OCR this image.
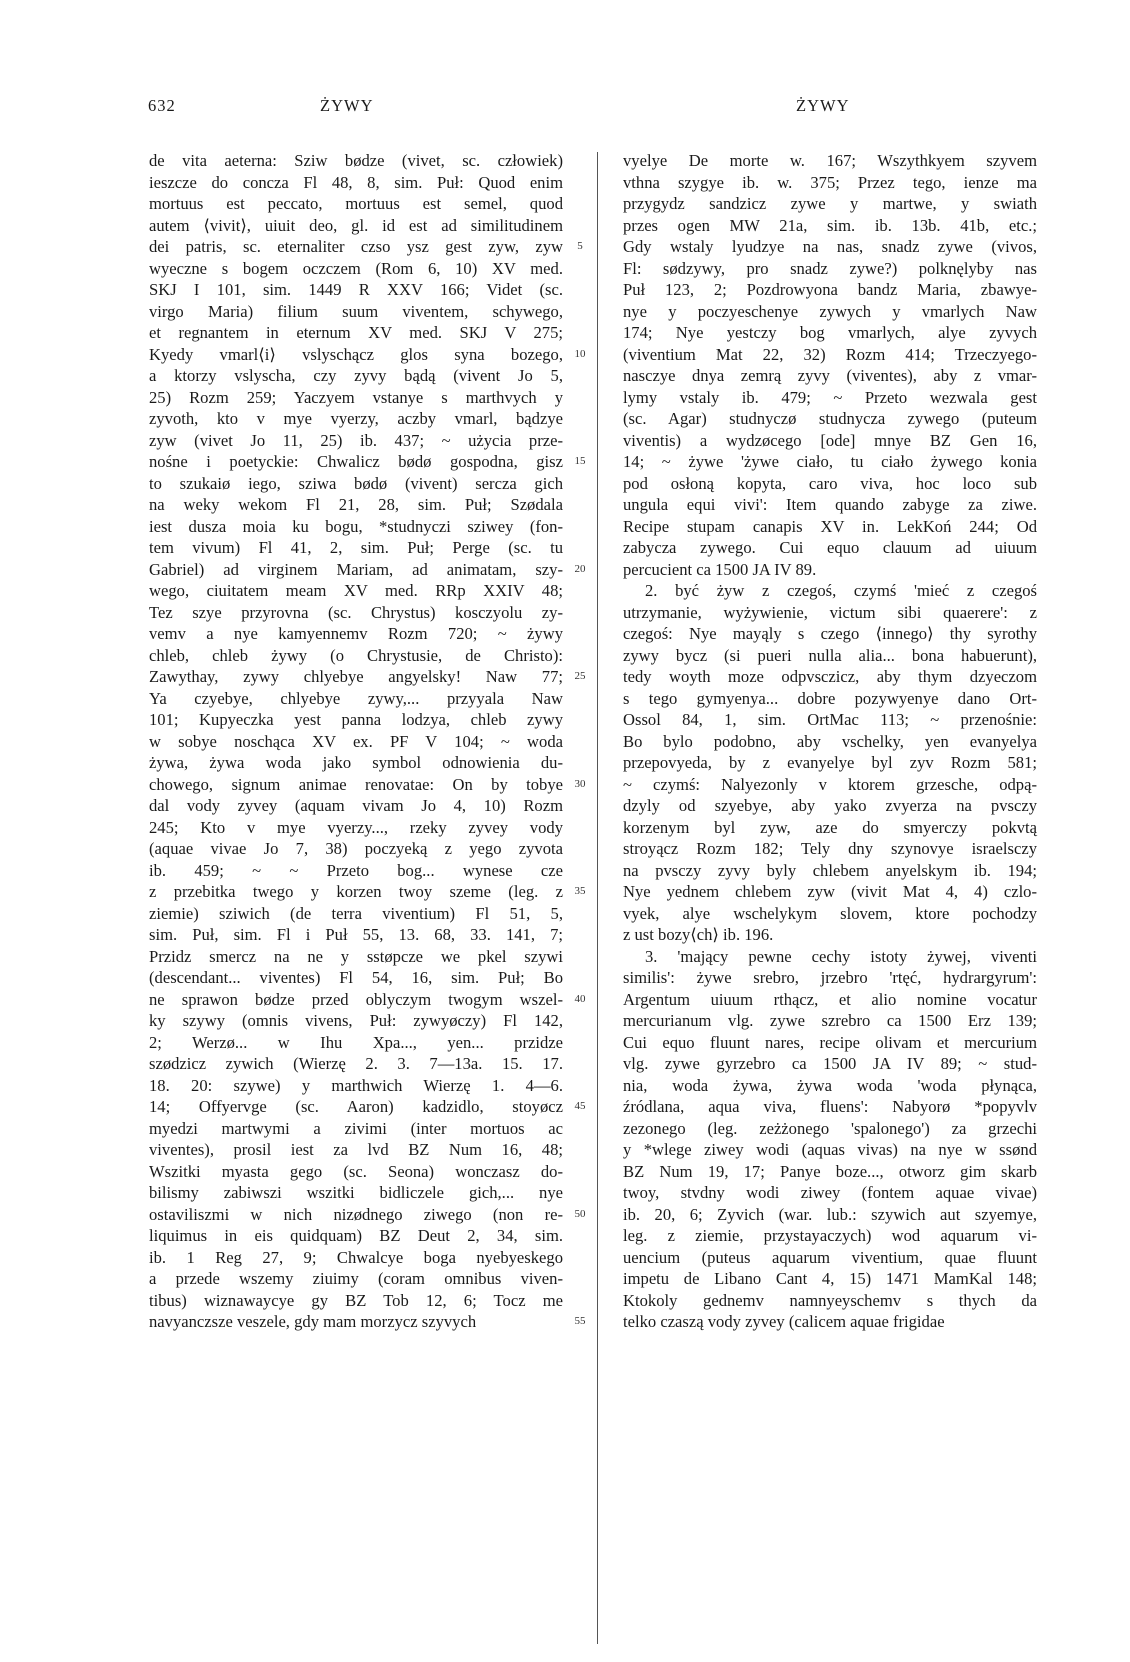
632	ŻYWY	ŻYWY
de vita aeterna: Sziw bødze (vivet, sc. człowiek)
ieszcze do concza Fl 48, 8, sim. Puł: Quod enim
mortuus est peccato, mortuus est semel, quod
autem ⟨vivit⟩, uiuit deo, gl. id est ad similitudinem
dei patris, sc. eternaliter czso ysz gest zyw, zyw
wyeczne s bogem oczczem (Rom 6, 10) XV med.
SKJ I 101, sim. 1449 R XXV 166; Videt (sc.
virgo Maria) filium suum viventem, schywego,
et regnantem in eternum XV med. SKJ V 275;
Kyedy vmarl⟨i⟩ vslyschącz glos syna bozego,
a ktorzy vslyscha, czy zyvy bądą (vivent Jo 5,
25) Rozm 259; Yaczyem vstanye s marthvych y
zyvoth, kto v mye vyerzy, aczby vmarl, bądzye
zyw (vivet Jo 11, 25) ib. 437; ~ użycia prze-
nośne i poetyckie: Chwalicz bødø gospodna, gisz
to szukaiø iego, sziwa bødø (vivent) sercza gich
na weky wekom Fl 21, 28, sim. Puł; Szødala
iest dusza moia ku bogu, *studnyczi sziwey (fon-
tem vivum) Fl 41, 2, sim. Puł; Perge (sc. tu
Gabriel) ad virginem Mariam, ad animatam, szy-
wego, ciuitatem meam XV med. RRp XXIV 48;
Tez szye przyrovna (sc. Chrystus) kosczyolu zy-
vemv a nye kamyennemv Rozm 720; ~ żywy
chleb, chleb żywy (o Chrystusie, de Christo):
Zawythay, zywy chlyebye angyelsky! Naw 77;
Ya czyebye, chlyebye zywy,... przyyala Naw
101; Kupyeczka yest panna lodzya, chleb zywy
w sobye noschąca XV ex. PF V 104; ~ woda
żywa, żywa woda jako symbol odnowienia du-
chowego, signum animae renovatae: On by tobye
dal vody zyvey (aquam vivam Jo 4, 10) Rozm
245; Kto v mye vyerzy..., rzeky zyvey vody
(aquae vivae Jo 7, 38) poczyeką z yego zyvota
ib. 459; ~ ~ Przeto bog... wynese cze
z przebitka twego y korzen twoy szeme (leg. z
ziemie) sziwich (de terra viventium) Fl 51, 5,
sim. Puł, sim. Fl i Puł 55, 13. 68, 33. 141, 7;
Przidz smercz na ne y sstøpcze we pkel szywi
(descendant... viventes) Fl 54, 16, sim. Puł; Bo
ne sprawon bødze przed oblyczym twogym wszel-
ky szywy (omnis vivens, Puł: zywyøczy) Fl 142,
2; Werzø... w Ihu Xpa..., yen... przidze
szødzicz zywich (Wierzę 2. 3. 7—13a. 15. 17.
18. 20: szywe) y marthwich Wierzę 1. 4—6.
14; Offyervge (sc. Aaron) kadzidlo, stoyøcz
myedzi martwymi a zivimi (inter mortuos ac
viventes), prosil iest za lvd BZ Num 16, 48;
Wszitki myasta gego (sc. Seona) wonczasz do-
bilismy zabiwszi wszitki bidliczele gich,... nye
ostaviliszmi w nich nizødnego ziwego (non re-
liquimus in eis quidquam) BZ Deut 2, 34, sim.
ib. 1 Reg 27, 9; Chwalcye boga nyebyeskego
a przede wszemy ziuimy (coram omnibus viven-
tibus) wiznawaycye gy BZ Tob 12, 6; Tocz me
navyanczsze veszele, gdy mam morzycz szyvych
5
10
15
20
25
30
35
40
45
50
55
vyelye De morte w. 167; Wszythkyem szyvem
vthna szygye ib. w. 375; Przez tego, ienze ma
przygydz sandzicz zywe y martwe, y swiath
przes ogen MW 21a, sim. ib. 13b. 41b, etc.;
Gdy wstaly lyudzye na nas, snadz zywe (vivos,
Fl: sødzywy, pro snadz zywe?) polknęlyby nas
Puł 123, 2; Pozdrowyona bandz Maria, zbawye-
nye y poczyeschenye zywych y vmarlych Naw
174; Nye yestczy bog vmarlych, alye zyvych
(viventium Mat 22, 32) Rozm 414; Trzeczyego-
nasczye dnya zemrą zyvy (viventes), aby z vmar-
lymy vstaly ib. 479; ~ Przeto wezwala gest
(sc. Agar) studnyczø studnycza zywego (puteum
viventis) a wydzøcego [ode] mnye BZ Gen 16,
14; ~ żywe 'żywe ciało, tu ciało żywego konia
pod osłoną kopyta, caro viva, hoc loco sub
ungula equi vivi': Item quando zabyge za ziwe.
Recipe stupam canapis XV in. LekKoń 244; Od
zabycza zywego. Cui equo clauum ad uiuum
percucient ca 1500 JA IV 89.
2. być żyw z czegoś, czymś 'mieć z czegoś
utrzymanie, wyżywienie, victum sibi quaerere': z
czegoś: Nye mayąly s czego ⟨innego⟩ thy syrothy
zywy bycz (si pueri nulla alia... bona habuerunt),
tedy woyth moze odpvsczicz, aby thym dzyeczom
s tego gymyenya... dobre pozywyenye dano Ort-
Ossol 84, 1, sim. OrtMac 113; ~ przenośnie:
Bo bylo podobno, aby vschelky, yen evanyelya
przepovyeda, by z evanyelye byl zyv Rozm 581;
~ czymś: Nalyezonly v ktorem grzesche, odpą-
dzyly od szyebye, aby yako zvyerza na pvsczy
korzenym byl zyw, aze do smyerczy pokvtą
stroyącz Rozm 182; Tely dny szynovye israelsczy
na pvsczy zyvy byly chlebem anyelskym ib. 194;
Nye yednem chlebem zyw (vivit Mat 4, 4) czlo-
vyek, alye wschelykym slovem, ktore pochodzy
z ust bozy⟨ch⟩ ib. 196.
3. 'mający pewne cechy istoty żywej, viventi
similis': żywe srebro, jrzebro 'rtęć, hydrargyrum':
Argentum uiuum rthącz, et alio nomine vocatur
mercurianum vlg. zywe szrebro ca 1500 Erz 139;
Cui equo fluunt nares, recipe olivam et mercurium
vlg. zywe gyrzebro ca 1500 JA IV 89; ~ stud-
nia, woda żywa, żywa woda 'woda płynąca,
źródlana, aqua viva, fluens': Nabyorø *popyvlv
zezonego (leg. zeżżonego 'spalonego') za grzechi
y *wlege ziwey wodi (aquas vivas) na nye w ssønd
BZ Num 19, 17; Panye boze..., otworz gim skarb
twoy, stvdny wodi ziwey (fontem aquae vivae)
ib. 20, 6; Zyvich (war. lub.: szywich aut szyemye,
leg. z ziemie, przystayaczych) wod aquarum vi-
uencium (puteus aquarum viventium, quae fluunt
impetu de Libano Cant 4, 15) 1471 MamKal 148;
Ktokoly gednemv namnyeyschemv s thych da
telko czaszą vody zyvey (calicem aquae frigidae
